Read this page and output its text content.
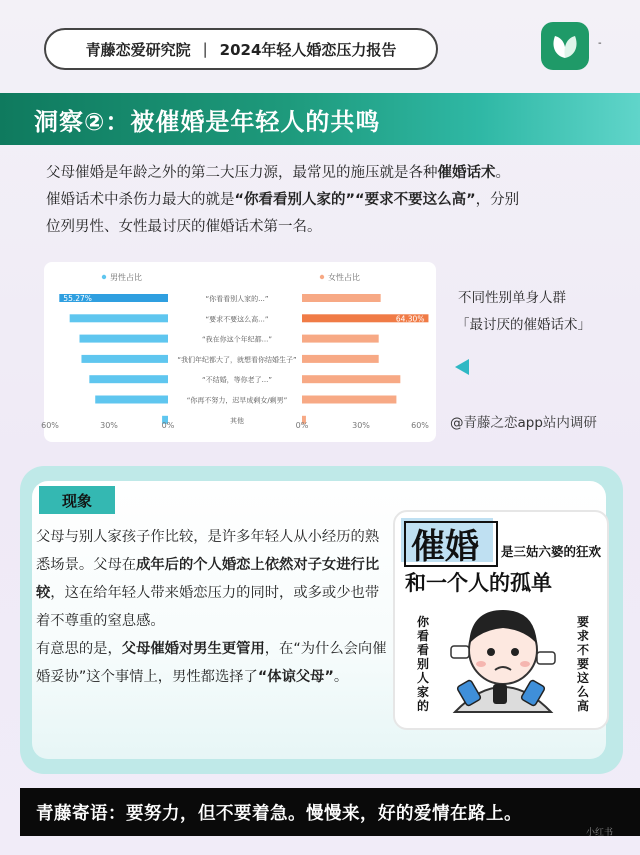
青藤恋爱研究院 | 2024年轻人婚恋压力报告	-
洞察②：被催婚是年轻人的共鸣
父母催婚是年龄之外的第二大压力源，最常见的施压就是各种催婚话术。
催婚话术中杀伤力最大的就是“你看看别人家的”“要求不要这么高”，分别
位列男性、女性最讨厌的催婚话术第一名。
男性占比	女性占比
“你看看别人家的...”
55.27%
“要求不要这么高...”	64.30%
“我在你这个年纪都...”
“我们年纪都大了，就想看你结婚生子”
“不结婚，等你老了...”
“你再不努力，迟早成剩女/剩男”
其他
60%	30%	0%	0%	30%	60%
不同性别单身人群
「最讨厌的催婚话术」
@青藤之恋app站内调研
现象
父母与别人家孩子作比较，是许多年轻人从小经历的熟悉场景。父母在成年后的个人婚恋上依然对子女进行比较，这在给年轻人带来婚恋压力的同时，或多或少也带着不尊重的窒息感。
有意思的是，父母催婚对男生更管用，在“为什么会向催婚妥协”这个事情上，男性都选择了“体谅父母”。
催婚 是三姑六婆的狂欢
和一个人的孤单
你
看
看
别
人
家
的
要
求
不
要
这
么
高
青藤寄语：要努力，但不要着急。慢慢来，好的爱情在路上。
小红书
